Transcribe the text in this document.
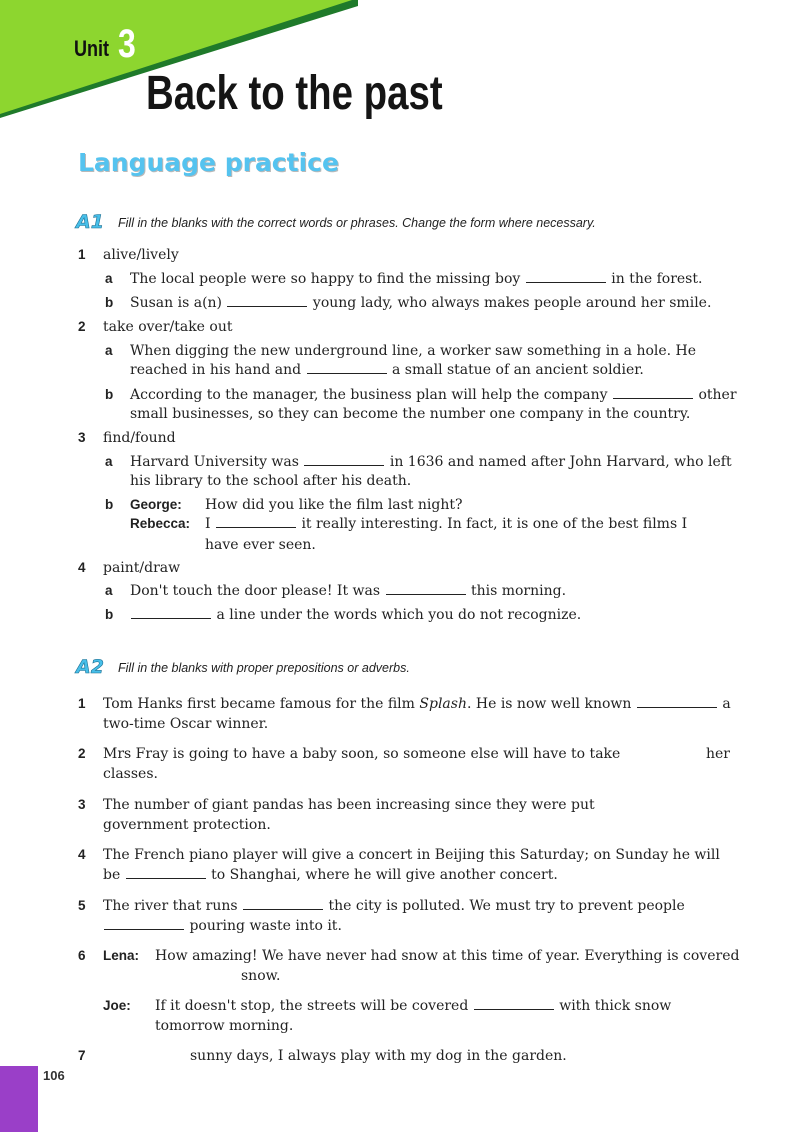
Unit 3
Back to the past
Language practice
A1	Fill in the blanks with the correct words or phrases. Change the form where necessary.
1 alive/lively
a The local people were so happy to find the missing boy	in the forest.
b Susan is a(n)	young lady, who always makes people around her smile.
2 take over/take out
a When digging the new underground line, a worker saw something in a hole. He
reached in his hand and	a small statue of an ancient soldier.
b According to the manager, the business plan will help the company	other
small businesses, so they can become the number one company in the country.
3 find/found
a Harvard University was	in 1636 and named after John Harvard, who left
his library to the school after his death.
b George: How did you like the film last night?
Rebecca: I	it really interesting. In fact, it is one of the best films I
have ever seen.
4 paint/draw
a Don't touch the door please! It was	this morning.
b	a line under the words which you do not recognize.
A2	Fill in the blanks with proper prepositions or adverbs.
1 Tom Hanks first became famous for the film Splash. He is now well known	a
two-time Oscar winner.
2 Mrs Fray is going to have a baby soon, so someone else will have to take	her
classes.
3 The number of giant pandas has been increasing since they were put
government protection.
4 The French piano player will give a concert in Beijing this Saturday; on Sunday he will
be	to Shanghai, where he will give another concert.
5 The river that runs	the city is polluted. We must try to prevent people
pouring waste into it.
6 Lena: How amazing! We have never had snow at this time of year. Everything is covered
snow.
Joe: If it doesn't stop, the streets will be covered	with thick snow
tomorrow morning.
7	sunny days, I always play with my dog in the garden.
106
